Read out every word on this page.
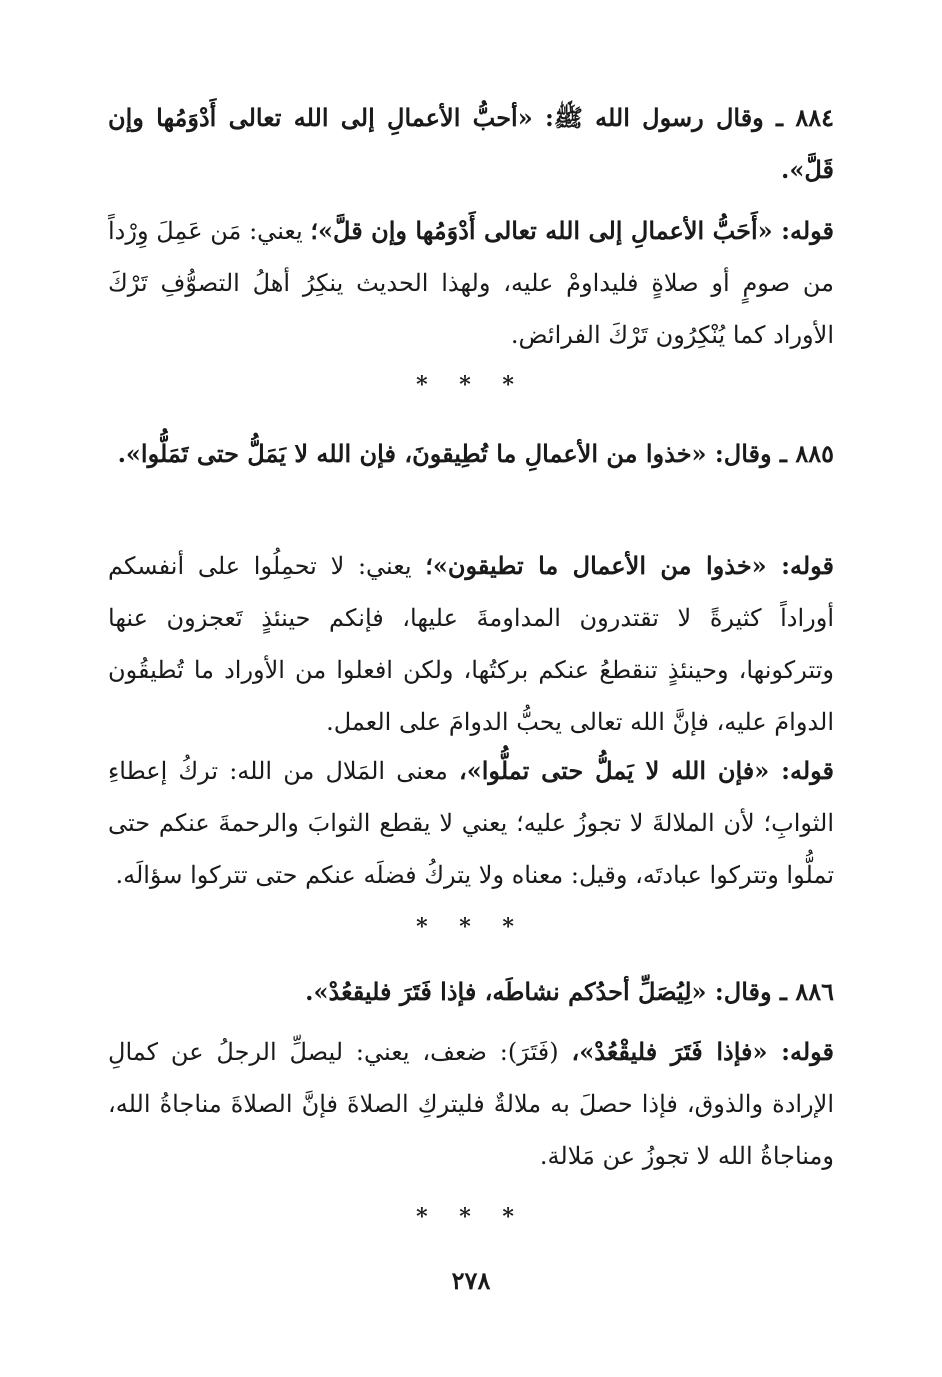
٨٨٤ ـ وقال رسول الله ﷺ: «أحبُّ الأعمالِ إلى الله تعالى أَدْوَمُها وإن قَلَّ».

قوله: «أَحَبُّ الأعمالِ إلى الله تعالى أَدْوَمُها وإن قلَّ»؛ يعني: مَن عَمِلَ وِرْداً من صومٍ أو صلاةٍ فليداومْ عليه، ولهذا الحديث ينكِرُ أهلُ التصوُّفِ تَرْكَ الأوراد كما يُنْكِرُون تَرْكَ الفرائض.

* * *

٨٨٥ ـ وقال: «خذوا من الأعمالِ ما تُطِيقونَ، فإن الله لا يَمَلُّ حتى تَمَلُّوا».

قوله: «خذوا من الأعمال ما تطيقون»؛ يعني: لا تحمِلُوا على أنفسكم أوراداً كثيرةً لا تقتدرون المداومةَ عليها، فإنكم حينئذٍ تَعجزون عنها وتتركونها، وحينئذٍ تنقطعُ عنكم بركتُها، ولكن افعلوا من الأوراد ما تُطيقُون الدوامَ عليه، فإنَّ الله تعالى يحبُّ الدوامَ على العمل.

قوله: «فإن الله لا يَملُّ حتى تملُّوا»، معنى المَلال من الله: تركُ إعطاءِ الثوابِ؛ لأن الملالةَ لا تجوزُ عليه؛ يعني لا يقطع الثوابَ والرحمةَ عنكم حتى تملُّوا وتتركوا عبادتَه، وقيل: معناه ولا يتركُ فضلَه عنكم حتى تتركوا سؤالَه.

* * *

٨٨٦ ـ وقال: «لِيُصَلِّ أحدُكم نشاطَه، فإذا فَتَرَ فليقعُدْ».

قوله: «فإذا فَتَرَ فليقْعُدْ»، (فَتَرَ): ضعف، يعني: ليصلِّ الرجلُ عن كمالِ الإرادة والذوق، فإذا حصلَ به ملالةٌ فليتركِ الصلاةَ فإنَّ الصلاةَ مناجاةُ الله، ومناجاةُ الله لا تجوزُ عن مَلالة.

* * *
٢٧٨
